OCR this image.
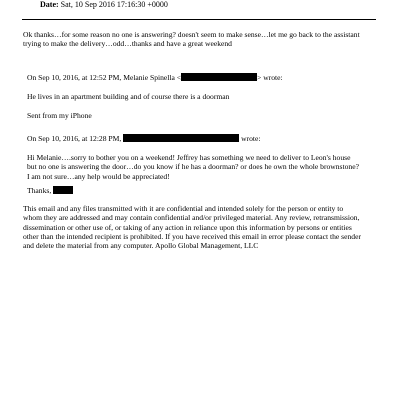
Date: Sat, 10 Sep 2016 17:16:30 +0000
Ok thanks…for some reason no one is answering? doesn't seem to make sense…let me go back to the assistant
trying to make the delivery…odd…thanks and have a great weekend
On Sep 10, 2016, at 12:52 PM, Melanie Spinella <	> wrote:
He lives in an apartment building and of course there is a doorman
Sent from my iPhone
On Sep 10, 2016, at 12:28 PM,	wrote:
Hi Melanie….sorry to bother you on a weekend! Jeffrey has something we need to deliver to Leon's house
but no one is answering the door…do you know if he has a doorman? or does he own the whole brownstone?
I am not sure…any help would be appreciated!
Thanks,
This email and any files transmitted with it are confidential and intended solely for the person or entity to
whom they are addressed and may contain confidential and/or privileged material. Any review, retransmission,
dissemination or other use of, or taking of any action in reliance upon this information by persons or entities
other than the intended recipient is prohibited. If you have received this email in error please contact the sender
and delete the material from any computer. Apollo Global Management, LLC
